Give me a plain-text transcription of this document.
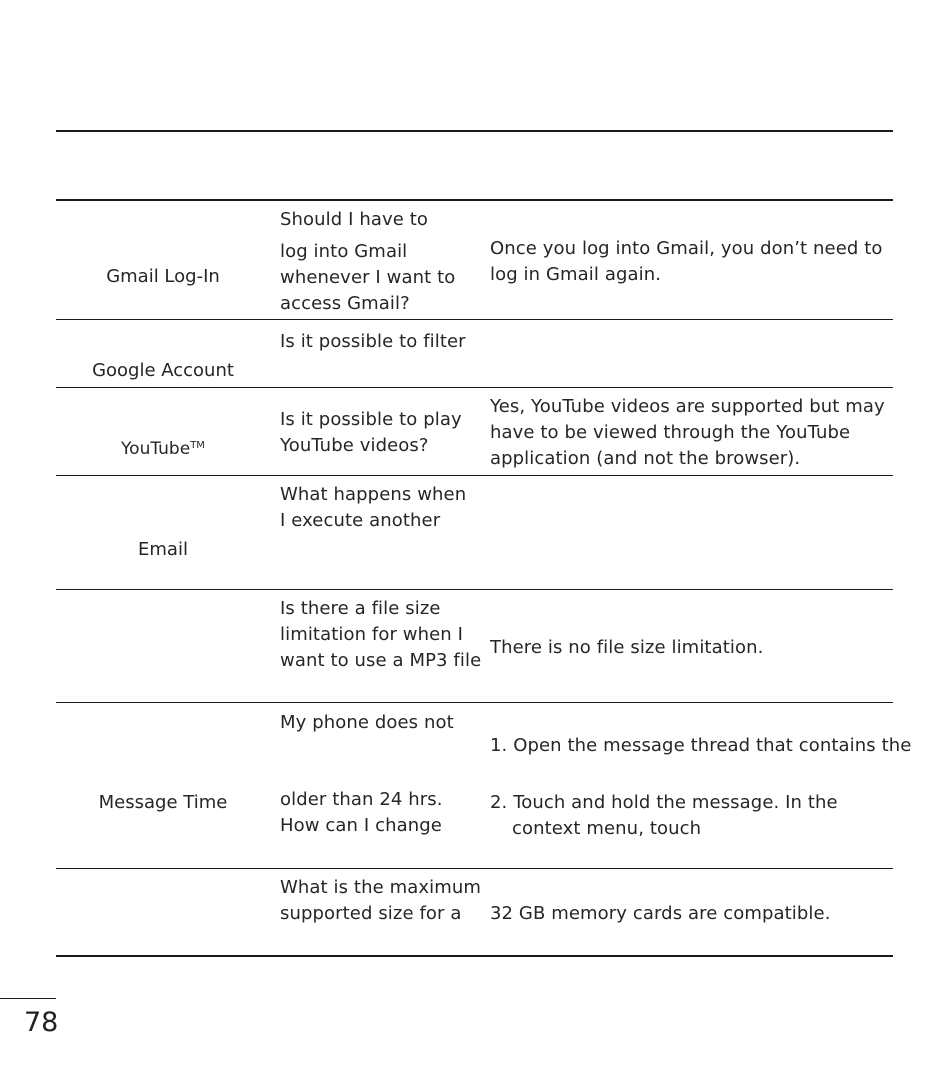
Gmail Log-In
Should I have to
log into Gmail
whenever I want to
access Gmail?
Once you log into Gmail, you don’t need to
log in Gmail again.
Google Account
Is it possible to filter
YouTube™
Is it possible to play
YouTube videos?
Yes, YouTube videos are supported but may
have to be viewed through the YouTube
application (and not the browser).
Email
What happens when
I execute another
Is there a file size
limitation for when I
want to use a MP3 file
There is no file size limitation.
Message Time
My phone does not
older than 24 hrs.
How can I change
1. Open the message thread that contains the
2. Touch and hold the message. In the
context menu, touch
What is the maximum
supported size for a 32 GB memory cards are compatible.
78
